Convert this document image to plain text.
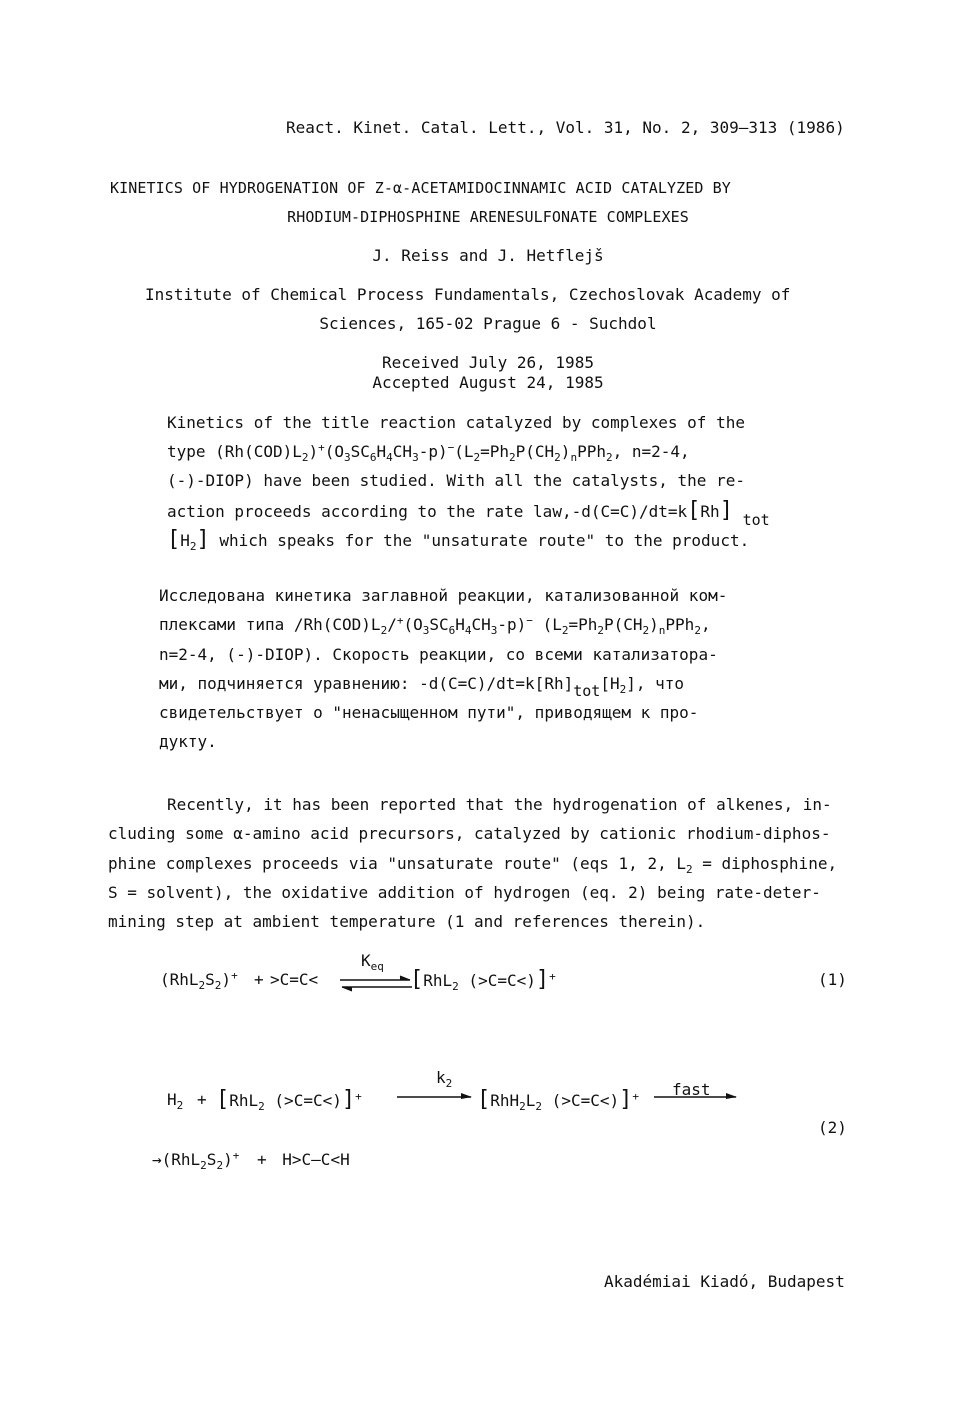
React. Kinet. Catal. Lett., Vol. 31, No. 2, 309–313 (1986)
KINETICS OF HYDROGENATION OF Z-α-ACETAMIDOCINNAMIC ACID CATALYZED BY
RHODIUM-DIPHOSPHINE ARENESULFONATE COMPLEXES
J. Reiss and J. Hetflejš
Institute of Chemical Process Fundamentals, Czechoslovak Academy of
Sciences, 165-02 Prague 6 - Suchdol
Received July 26, 1985
Accepted August 24, 1985
Kinetics of the title reaction catalyzed by complexes of the
type $(Rh(COD)L_2)^+(O_3SC_6H_4CH_3-p)^-(L_2=Ph_2P(CH_2)_nPPh_2$, n=2-4,
(-)-DIOP) have been studied. With all the catalysts, the re-
action proceeds according to the rate law,-d(C=C)/dt=k[Rh] $_{tot}$
$[H_2]$ which speaks for the "unsaturate route" to the product.
Исследована кинетика заглавной реакции, катализованной ком-
плексами типа $/Rh(COD)L_2/^+(O_3SC_6H_4CH_3-p)^-$ ($L_2=Ph_2P(CH_2)_nPPh_2$,
n=2-4, (-)-DIOP). Скорость реакции, со всеми катализатора-
ми, подчиняется уравнению: $-d(C=C)/dt=k[Rh]_{tot}[H_2]$, что
свидетельствует о "ненасыщенном пути", приводящем к про-
дукту.
Recently, it has been reported that the hydrogenation of alkenes, in-
cluding some α-amino acid precursors, catalyzed by cationic rhodium-diphos-
phine complexes proceeds via "unsaturate route" (eqs 1, 2, $L_2$ = diphosphine,
S = solvent), the oxidative addition of hydrogen (eq. 2) being rate-deter-
mining step at ambient temperature (1 and references therein).
$(RhL_2S_2)^+ + >C=C<$
$K_{eq}$
[RhL$_2$ (>C=C<)]+	(1)
$H_2 + [RhL_2$ (>C=C<)]+
$k_2$
[$RhH_2L_2$ (>C=C<)]+ fast
(2)
$\to(RhL_2S_2)^+ + H>C-C<H$
Akadémiai Kiadó, Budapest
